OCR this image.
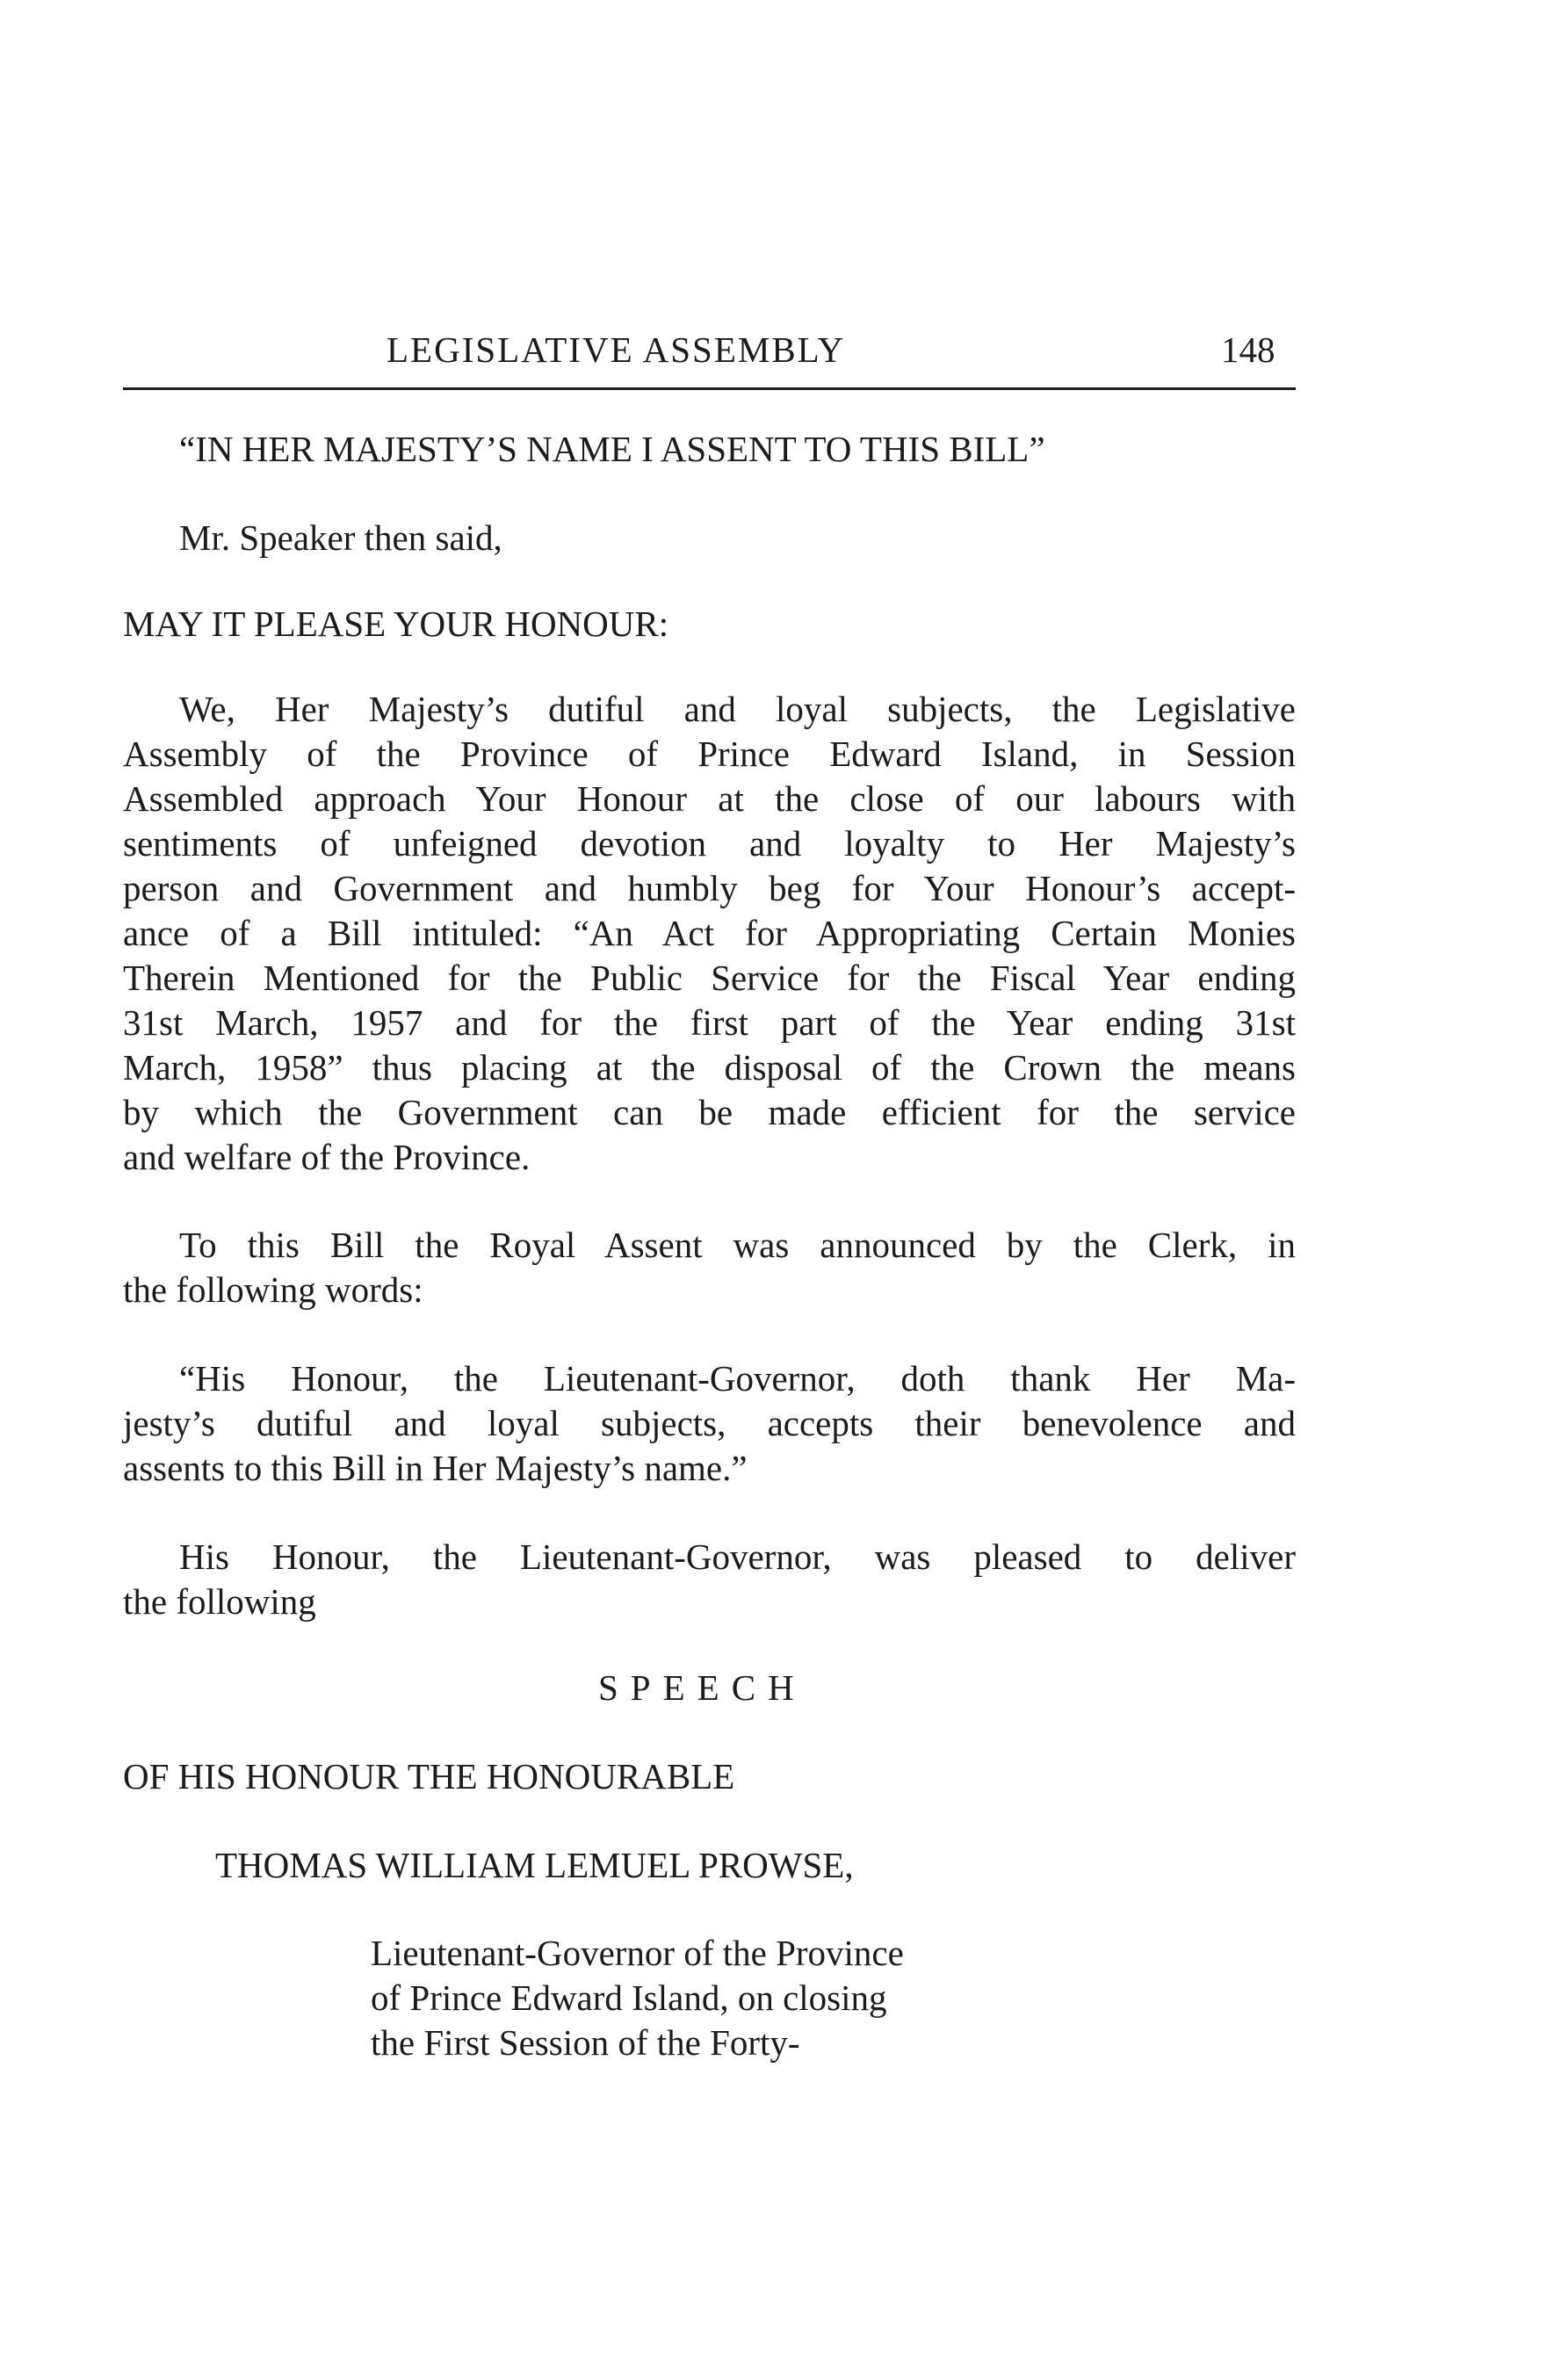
LEGISLATIVE ASSEMBLY	148
“IN HER MAJESTY’S NAME I ASSENT TO THIS BILL”
Mr. Speaker then said,
MAY IT PLEASE YOUR HONOUR:
We, Her Majesty’s dutiful and loyal subjects, the Legislative
Assembly of the Province of Prince Edward Island, in Session
Assembled approach Your Honour at the close of our labours with
sentiments of unfeigned devotion and loyalty to Her Majesty’s
person and Government and humbly beg for Your Honour’s accept-
ance of a Bill intituled: “An Act for Appropriating Certain Monies
Therein Mentioned for the Public Service for the Fiscal Year ending
31st March, 1957 and for the first part of the Year ending 31st
March, 1958” thus placing at the disposal of the Crown the means
by which the Government can be made efficient for the service
and welfare of the Province.
To this Bill the Royal Assent was announced by the Clerk, in
the following words:
“His Honour, the Lieutenant-Governor, doth thank Her Ma-
jesty’s dutiful and loyal subjects, accepts their benevolence and
assents to this Bill in Her Majesty’s name.”
His Honour, the Lieutenant-Governor, was pleased to deliver
the following
SPEECH
OF HIS HONOUR THE HONOURABLE
THOMAS WILLIAM LEMUEL PROWSE,
Lieutenant-Governor of the Province
of Prince Edward Island, on closing
the First Session of the Forty-
